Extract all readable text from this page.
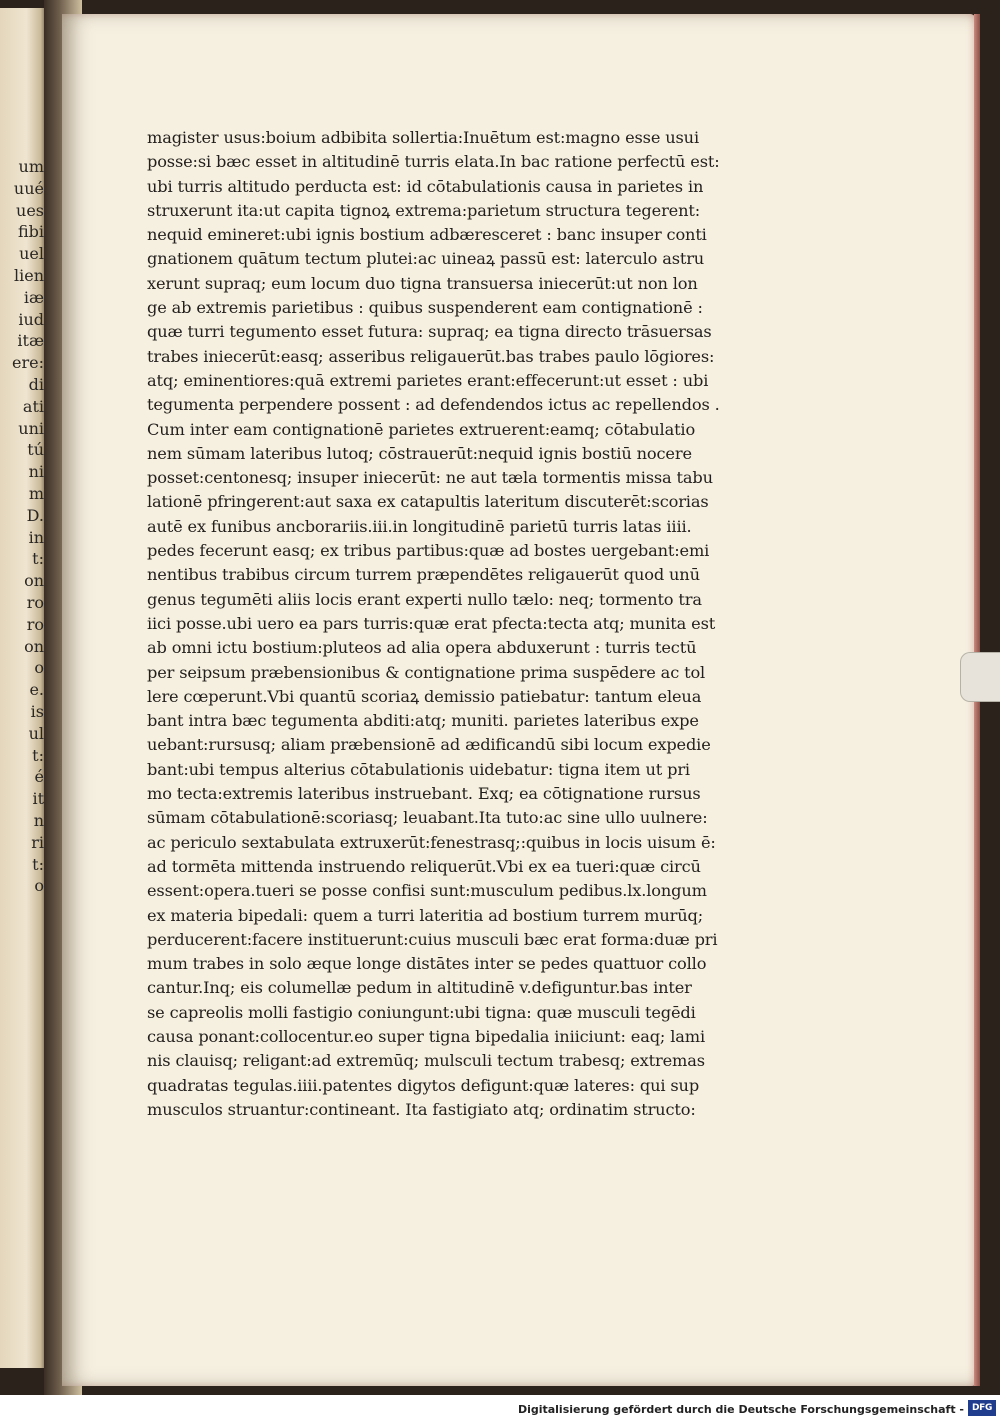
um
uué
ues
fibi
uel
lien
iæ
iud
itæ
ere:
di
ati
uni
tú
ni
m
D.
in
t:
on
ro
ro
on
o
e.
is
ul
t:
é
it
n
ri
t:
o
magister usus:boium adbibita sollertia:Inuētum est:magno esse usui
posse:si bæc esset in altitudinē turris elata.In bac ratione perfectū est:
ubi turris altitudo perducta est: id cōtabulationis causa in parietes in
struxerunt ita:ut capita tignoꝝ extrema:parietum structura tegerent:
nequid emineret:ubi ignis bostium adbæresceret : banc insuper conti
gnationem quātum tectum plutei:ac uineaꝝ passū est: laterculo astru
xerunt supraq; eum locum duo tigna transuersa iniecerūt:ut non lon
ge ab extremis parietibus : quibus suspenderent eam contignationē :
quæ turri tegumento esset futura: supraq; ea tigna directo trāsuersas
trabes iniecerūt:easq; asseribus religauerūt.bas trabes paulo lōgiores:
atq; eminentiores:quā extremi parietes erant:effecerunt:ut esset : ubi
tegumenta perpendere possent : ad defendendos ictus ac repellendos .
Cum inter eam contignationē parietes extruerent:eamq; cōtabulatio
nem sūmam lateribus lutoq; cōstrauerūt:nequid ignis bostiū nocere
posset:centonesq; insuper iniecerūt: ne aut tæla tormentis missa tabu
lationē pfringerent:aut saxa ex catapultis lateritum discuterēt:scorias
autē ex funibus ancborariis.iii.in longitudinē parietū turris latas iiii.
pedes fecerunt easq; ex tribus partibus:quæ ad bostes uergebant:emi
nentibus trabibus circum turrem præpendētes religauerūt quod unū
genus tegumēti aliis locis erant experti nullo tælo: neq; tormento tra
iici posse.ubi uero ea pars turris:quæ erat pfecta:tecta atq; munita est
ab omni ictu bostium:pluteos ad alia opera abduxerunt : turris tectū
per seipsum præbensionibus & contignatione prima suspēdere ac tol
lere cœperunt.Vbi quantū scoriaꝝ demissio patiebatur: tantum eleua
bant intra bæc tegumenta abditi:atq; muniti. parietes lateribus expe
uebant:rursusq; aliam præbensionē ad ædificandū sibi locum expedie
bant:ubi tempus alterius cōtabulationis uidebatur: tigna item ut pri
mo tecta:extremis lateribus instruebant. Exq; ea cōtignatione rursus
sūmam cōtabulationē:scoriasq; leuabant.Ita tuto:ac sine ullo uulnere:
ac periculo sextabulata extruxerūt:fenestrasq;:quibus in locis uisum ē:
ad tormēta mittenda instruendo reliquerūt.Vbi ex ea tueri:quæ circū
essent:opera.tueri se posse confisi sunt:musculum pedibus.lx.longum
ex materia bipedali: quem a turri lateritia ad bostium turrem murūq;
perducerent:facere instituerunt:cuius musculi bæc erat forma:duæ pri
mum trabes in solo æque longe distātes inter se pedes quattuor collo
cantur.Inq; eis columellæ pedum in altitudinē v.defiguntur.bas inter
se capreolis molli fastigio coniungunt:ubi tigna: quæ musculi tegēdi
causa ponant:collocentur.eo super tigna bipedalia iniiciunt: eaq; lami
nis clauisq; religant:ad extremūq; mulsculi tectum trabesq; extremas
quadratas tegulas.iiii.patentes digytos defigunt:quæ lateres: qui sup
musculos struantur:contineant. Ita fastigiato atq; ordinatim structo:
Digitalisierung gefördert durch die Deutsche Forschungsgemeinschaft - DFG
